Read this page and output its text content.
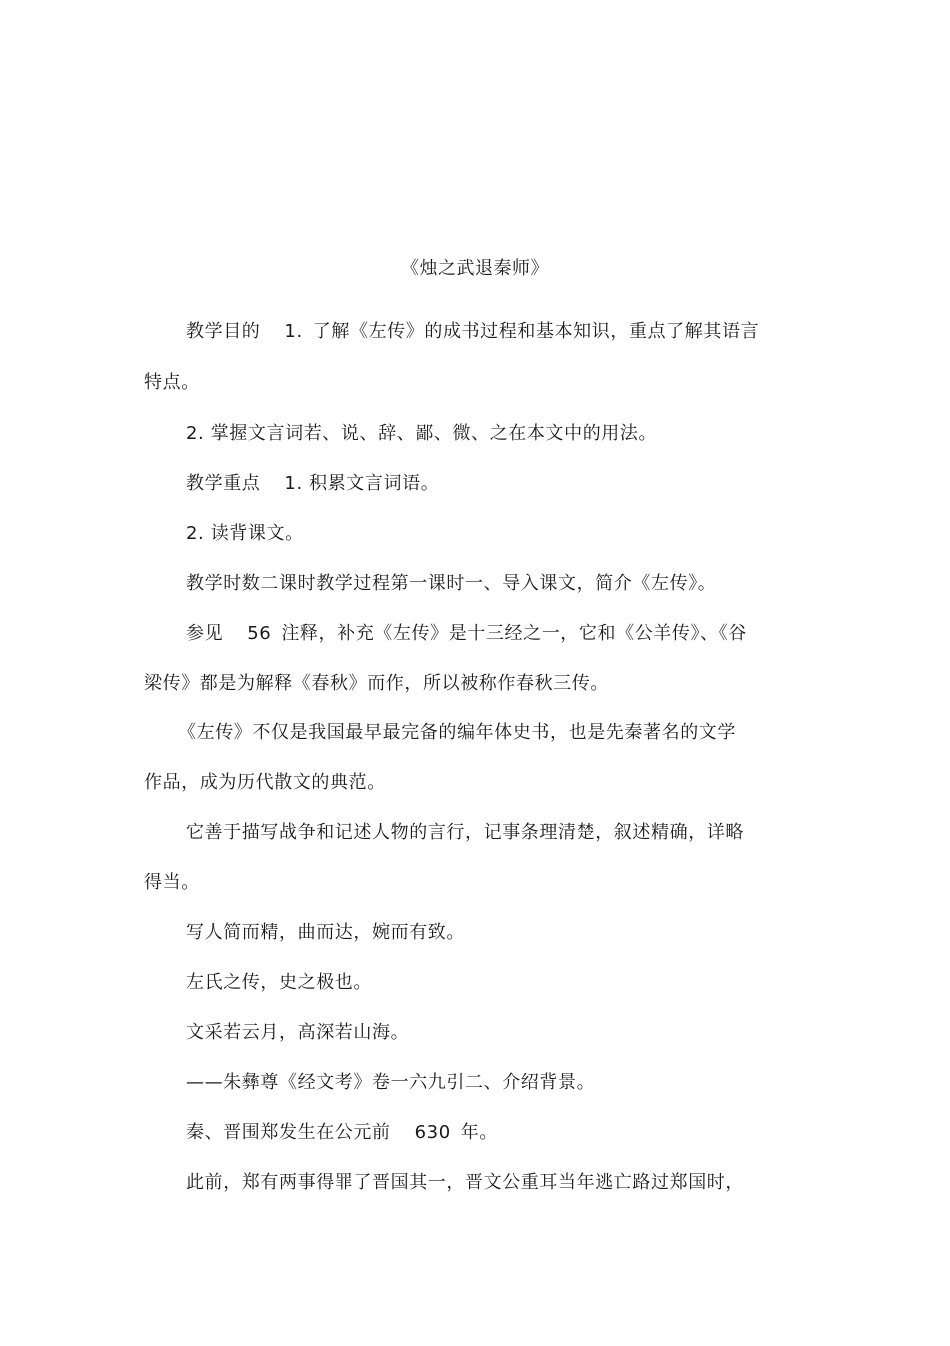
《烛之武退秦师》
教学目的 1. 了解《左传》的成书过程和基本知识，重点了解其语言
特点。
2. 掌握文言词若、说、辞、鄙、微、之在本文中的用法。
教学重点 1. 积累文言词语。
2. 读背课文。
教学时数二课时教学过程第一课时一、导入课文，简介《左传》。
参见 56 注释，补充《左传》是十三经之一，它和《公羊传》、《谷
梁传》都是为解释《春秋》而作，所以被称作春秋三传。
《左传》不仅是我国最早最完备的编年体史书，也是先秦著名的文学
作品，成为历代散文的典范。
它善于描写战争和记述人物的言行，记事条理清楚，叙述精确，详略
得当。
写人简而精，曲而达，婉而有致。
左氏之传，史之极也。
文采若云月，高深若山海。
——朱彝尊《经文考》卷一六九引二、介绍背景。
秦、晋围郑发生在公元前 630 年。
此前，郑有两事得罪了晋国其一，晋文公重耳当年逃亡路过郑国时，
